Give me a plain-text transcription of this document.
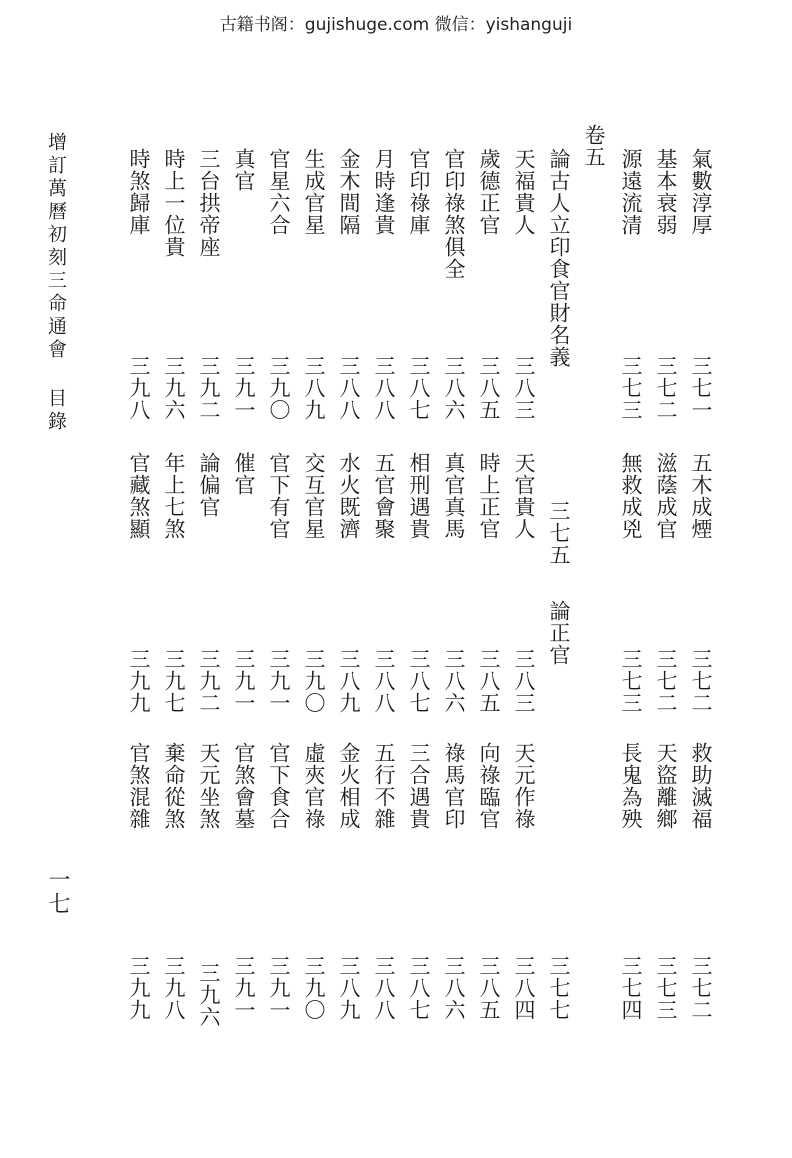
古籍书阁：gujishuge.com 微信：yishanguji
增訂萬曆初刻三命通會
目錄
一七
氣數淳厚
三七一
五木成煙
三七二
救助滅福
三七二
基本衰弱
三七二
滋蔭成官
三七二
天盜離鄉
三七三
源遠流清
三七三
無救成兇
三七三
長鬼為殃
三七四
卷五
論古人立印食官財名義
三七五
論正官
三七七
天福貴人
三八三
天官貴人
三八三
天元作祿
三八四
歲德正官
三八五
時上正官
三八五
向祿臨官
三八五
官印祿煞俱全
三八六
真官真馬
三八六
祿馬官印
三八六
官印祿庫
三八七
相刑遇貴
三八七
三合遇貴
三八七
月時逢貴
三八八
五官會聚
三八八
五行不雜
三八八
金木間隔
三八八
水火既濟
三八九
金火相成
三八九
生成官星
三八九
交互官星
三九〇
虛夾官祿
三九〇
官星六合
三九〇
官下有官
三九一
官下食合
三九一
真官
三九一
催官
三九一
官煞會墓
三九一
三台拱帝座
三九二
論偏官
三九二
天元坐煞
三九六
時上一位貴
三九六
年上七煞
三九七
棄命從煞
三九八
時煞歸庫
三九八
官藏煞顯
三九九
官煞混雜
三九九
